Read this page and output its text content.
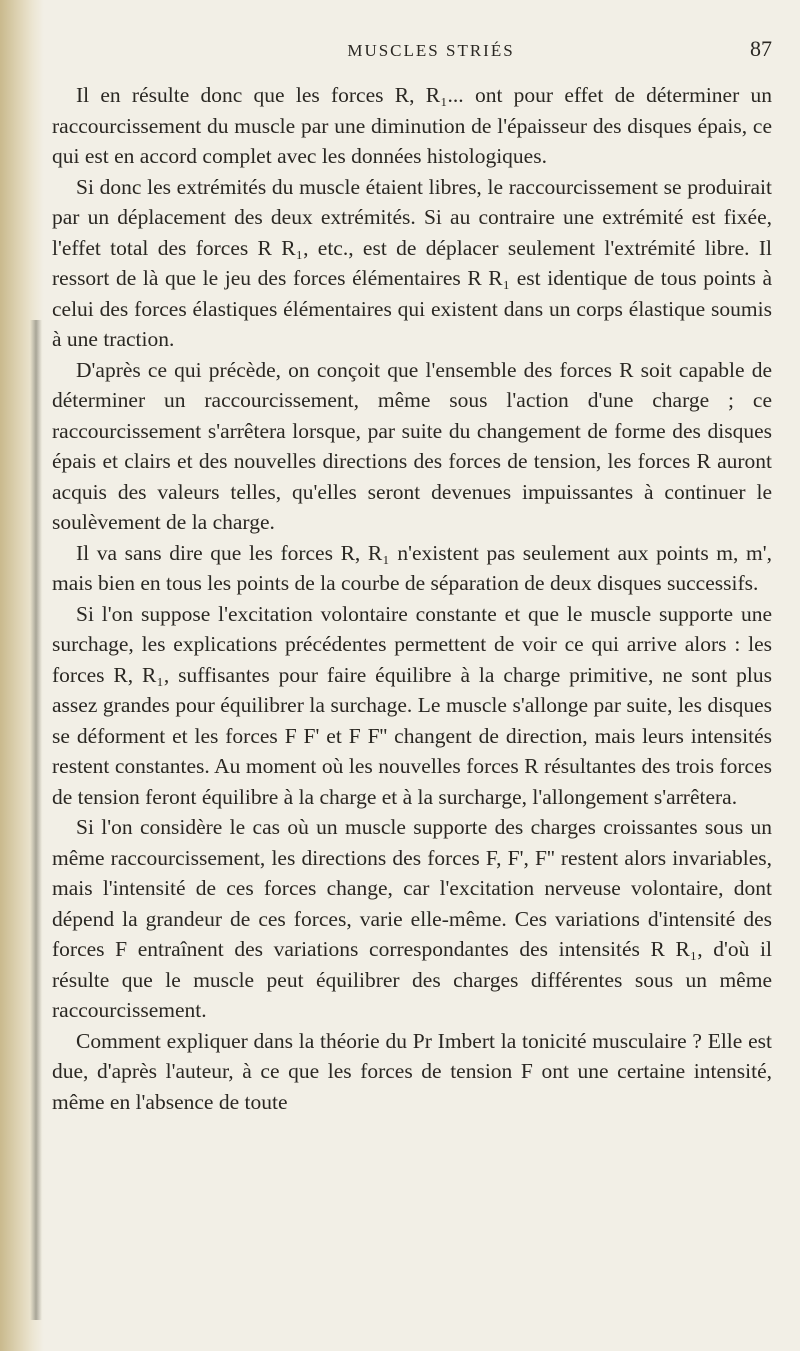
MUSCLES STRIÉS	87

Il en résulte donc que les forces R, R₁... ont pour effet de déterminer un raccourcissement du muscle par une diminution de l'épaisseur des disques épais, ce qui est en accord complet avec les données histologiques.

Si donc les extrémités du muscle étaient libres, le raccourcissement se produirait par un déplacement des deux extrémités. Si au contraire une extrémité est fixée, l'effet total des forces R R₁, etc., est de déplacer seulement l'extrémité libre. Il ressort de là que le jeu des forces élémentaires R R₁ est identique de tous points à celui des forces élastiques élémentaires qui existent dans un corps élastique soumis à une traction.

D'après ce qui précède, on conçoit que l'ensemble des forces R soit capable de déterminer un raccourcissement, même sous l'action d'une charge ; ce raccourcissement s'arrêtera lorsque, par suite du changement de forme des disques épais et clairs et des nouvelles directions des forces de tension, les forces R auront acquis des valeurs telles, qu'elles seront devenues impuissantes à continuer le soulèvement de la charge.

Il va sans dire que les forces R, R₁ n'existent pas seulement aux points m, m', mais bien en tous les points de la courbe de séparation de deux disques successifs.

Si l'on suppose l'excitation volontaire constante et que le muscle supporte une surchage, les explications précédentes permettent de voir ce qui arrive alors : les forces R, R₁, suffisantes pour faire équilibre à la charge primitive, ne sont plus assez grandes pour équilibrer la surchage. Le muscle s'allonge par suite, les disques se déforment et les forces F F' et F F'' changent de direction, mais leurs intensités restent constantes. Au moment où les nouvelles forces R résultantes des trois forces de tension feront équilibre à la charge et à la surcharge, l'allongement s'arrêtera.

Si l'on considère le cas où un muscle supporte des charges croissantes sous un même raccourcissement, les directions des forces F, F', F'' restent alors invariables, mais l'intensité de ces forces change, car l'excitation nerveuse volontaire, dont dépend la grandeur de ces forces, varie elle-même. Ces variations d'intensité des forces F entraînent des variations correspondantes des intensités R R₁, d'où il résulte que le muscle peut équilibrer des charges différentes sous un même raccourcissement.

Comment expliquer dans la théorie du Pr Imbert la tonicité musculaire ? Elle est due, d'après l'auteur, à ce que les forces de tension F ont une certaine intensité, même en l'absence de toute
